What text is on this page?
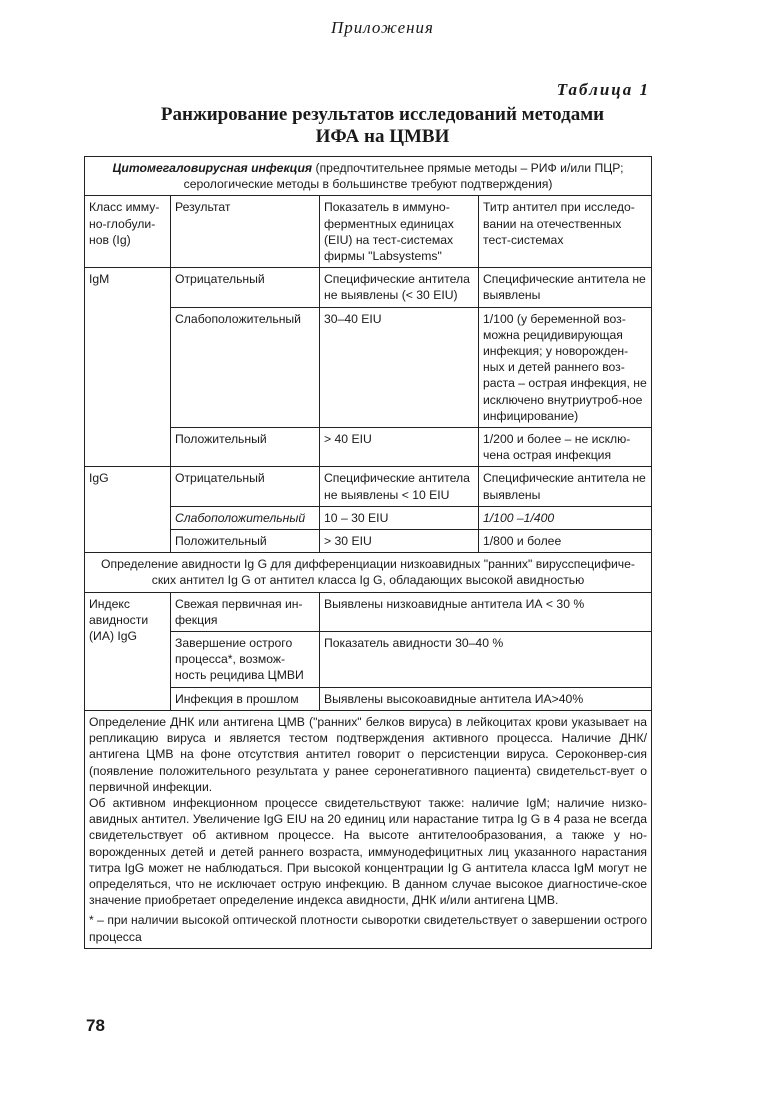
Приложения
Таблица 1
Ранжирование результатов исследований методами
ИФА на ЦМВИ
Цитомегаловирусная инфекция (предпочтительнее прямые методы – РИФ и/или ПЦР; серологические методы в большинстве требуют подтверждения)			
Класс имму-но-глобули-нов (Ig)	Результат	Показатель в иммуно-ферментных единицах (EIU) на тест-системах фирмы "Labsystems"	Титр антител при исследо-вании на отечественных тест-системах
IgM	Отрицательный	Специфические антитела не выявлены (< 30 EIU)	Специфические антитела не выявлены
	Слабоположительный	30–40 EIU	1/100 (у беременной воз-можна рецидивирующая инфекция; у новорожден-ных и детей раннего воз-раста – острая инфекция, не исключено внутриутроб-ное инфицирование)
	Положительный	> 40 EIU	1/200 и более – не исклю-чена острая инфекция
IgG	Отрицательный	Специфические антитела не выявлены < 10 EIU	Специфические антитела не выявлены
	Слабоположительный	10 – 30 EIU	1/100 –1/400
	Положительный	> 30 EIU	1/800 и более
Определение авидности Ig G для дифференциации низкоавидных "ранних" вирусспецифиче-ских антител Ig G от антител класса Ig G, обладающих высокой авидностью			
Индекс авидности (ИА) IgG	Свежая первичная ин-фекция	Выявлены низкоавидные антитела ИА < 30 %	
	Завершение острого процесса*, возмож-ность рецидива ЦМВИ	Показатель авидности 30–40 %	
	Инфекция в прошлом	Выявлены высокоавидные антитела ИА>40%	

Определение ДНК или антигена ЦМВ ("ранних" белков вируса) в лейкоцитах крови указывает на репликацию вируса и является тестом подтверждения активного процесса. Наличие ДНК/антигена ЦМВ на фоне отсутствия антител говорит о персистенции вируса. Сероконвер-сия (появление положительного результата у ранее серонегативного пациента) свидетельст-вует о первичной инфекции.

Об активном инфекционном процессе свидетельствуют также: наличие IgM; наличие низко-авидных антител. Увеличение IgG EIU на 20 единиц или нарастание титра Ig G в 4 раза не всегда свидетельствует об активном процессе. На высоте антителообразования, а также у но-ворожденных детей и детей раннего возраста, иммунодефицитных лиц указанного нарастания титра IgG может не наблюдаться. При высокой концентрации Ig G антитела класса IgM могут не определяться, что не исключает острую инфекцию. В данном случае высокое диагностиче-ское значение приобретает определение индекса авидности, ДНК и/или антигена ЦМВ.

* – при наличии высокой оптической плотности сыворотки свидетельствует о завершении острого процесса			

78
